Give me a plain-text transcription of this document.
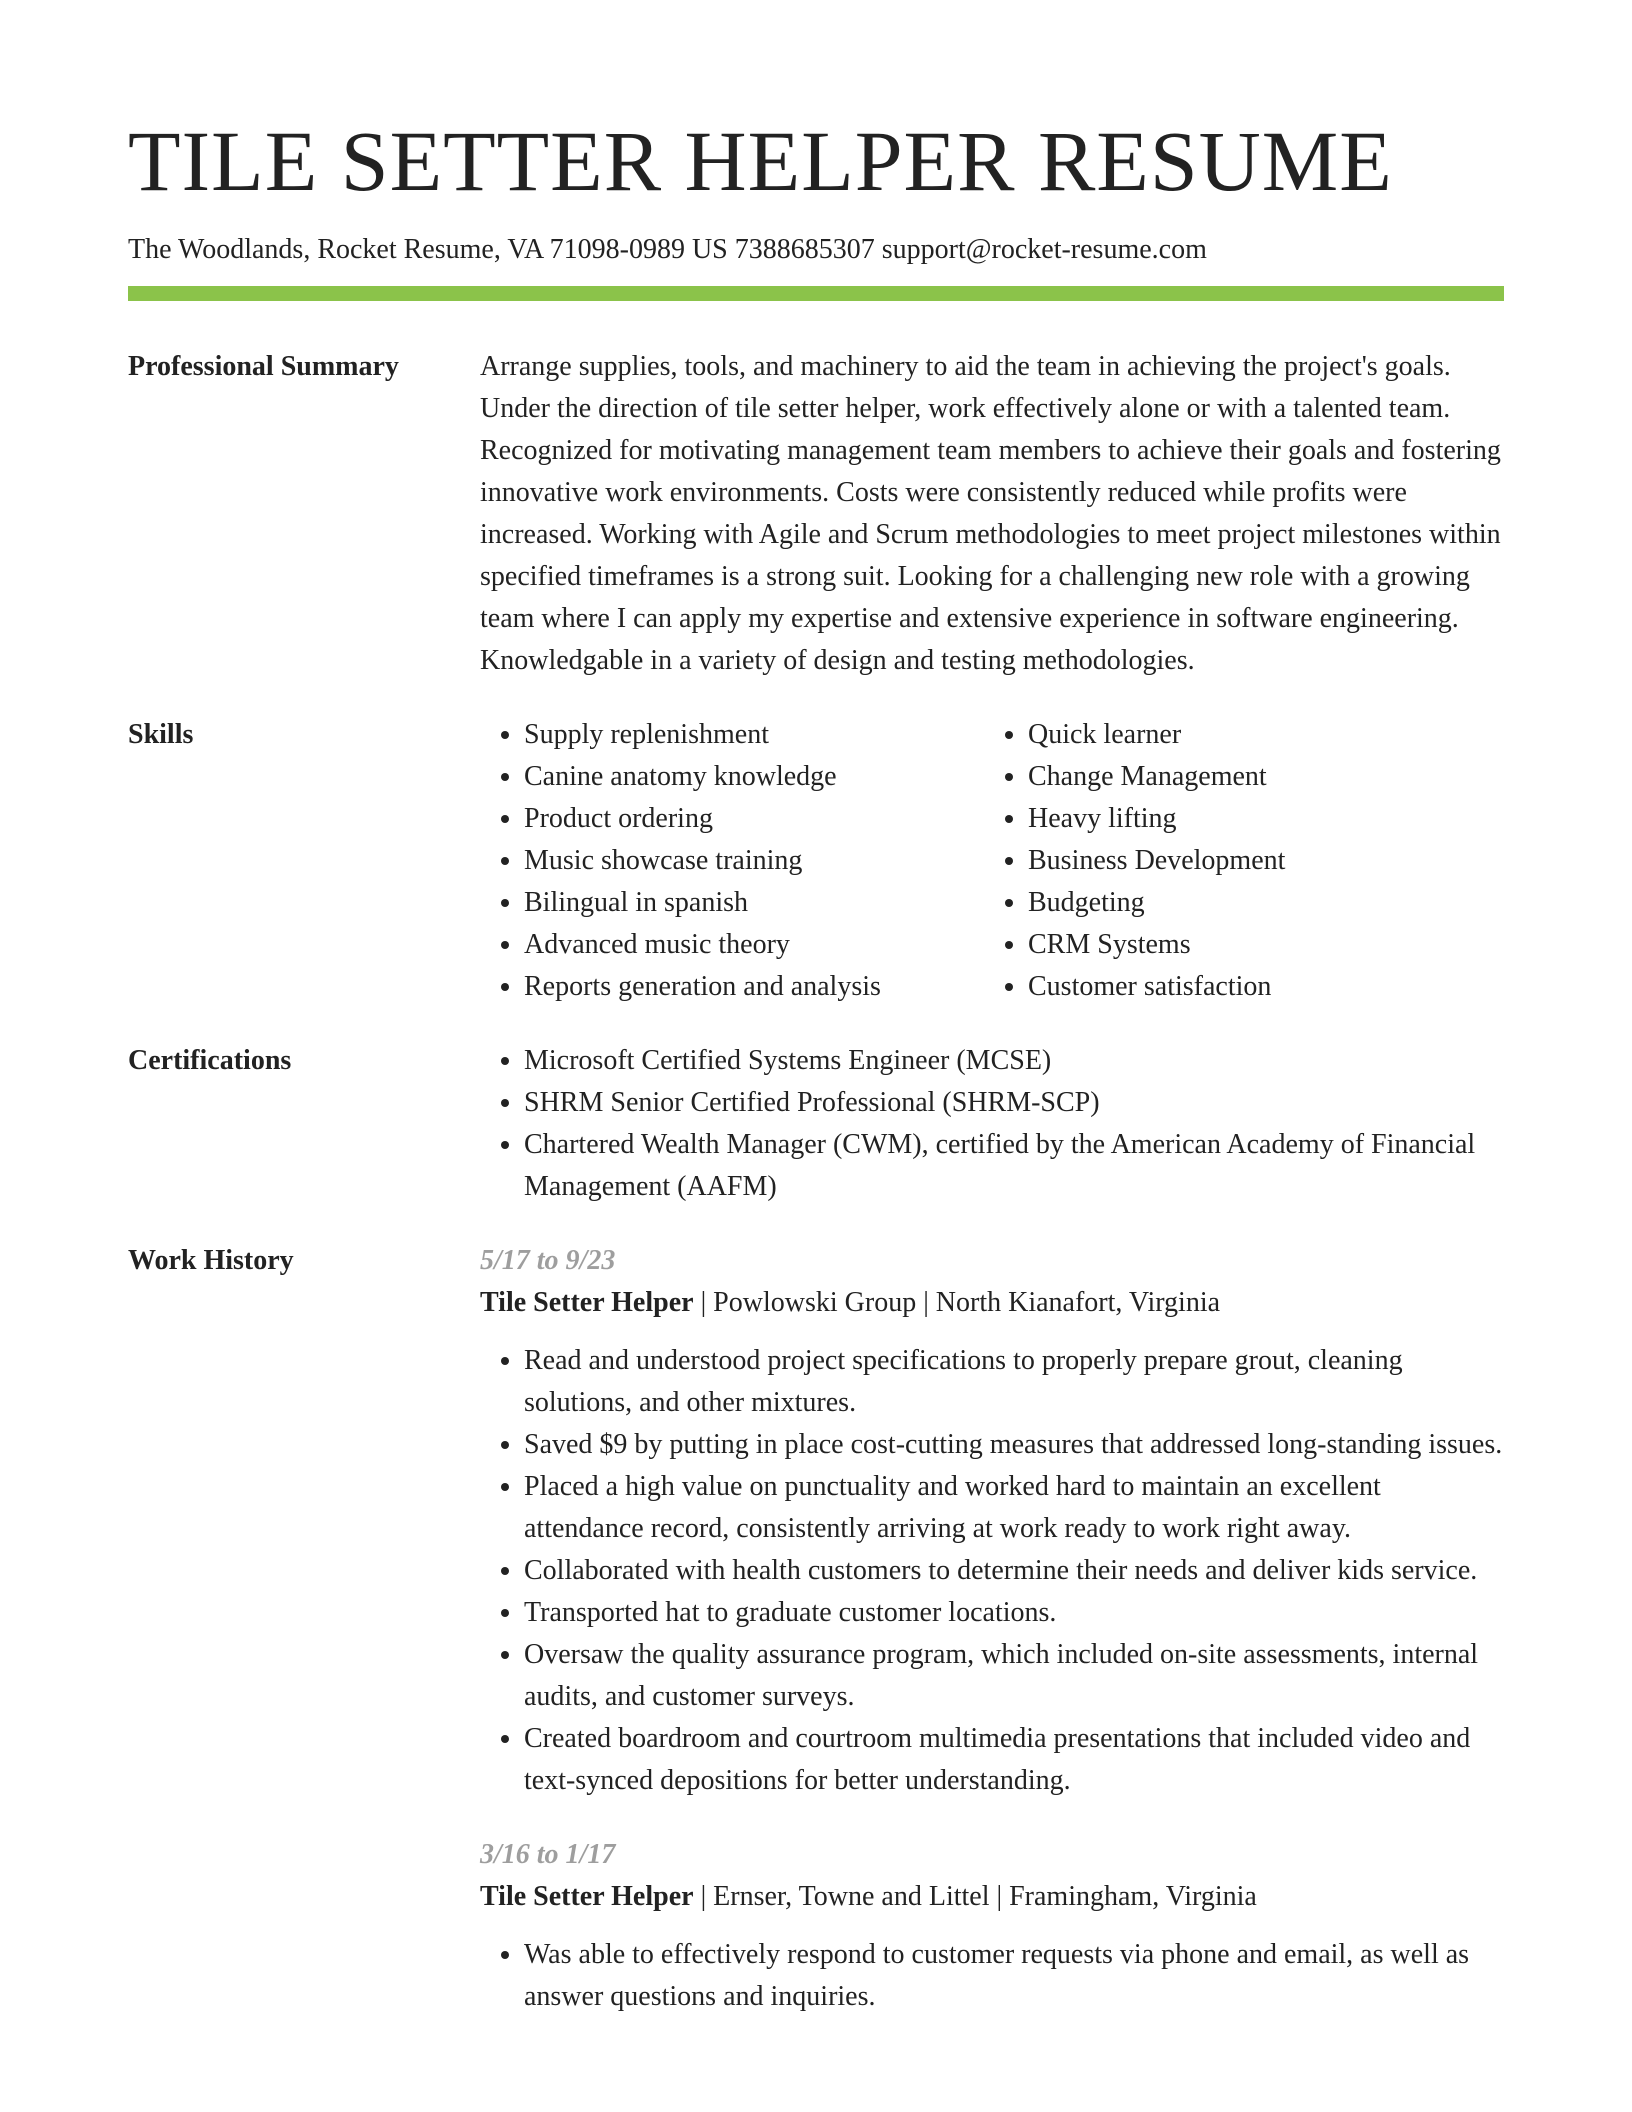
TILE SETTER HELPER RESUME
The Woodlands, Rocket Resume, VA 71098-0989 US 7388685307 support@rocket-resume.com
Professional Summary	Arrange supplies, tools, and machinery to aid the team in achieving the project's goals. Under the direction of tile setter helper, work effectively alone or with a talented team. Recognized for motivating management team members to achieve their goals and fostering innovative work environments. Costs were consistently reduced while profits were increased. Working with Agile and Scrum methodologies to meet project milestones within specified timeframes is a strong suit. Looking for a challenging new role with a growing team where I can apply my expertise and extensive experience in software engineering. Knowledgable in a variety of design and testing methodologies.

Skills	• Supply replenishment
• Canine anatomy knowledge
• Product ordering
• Music showcase training
• Bilingual in spanish
• Advanced music theory
• Reports generation and analysis
• Quick learner
• Change Management
• Heavy lifting
• Business Development
• Budgeting
• CRM Systems
• Customer satisfaction
Certifications	• Microsoft Certified Systems Engineer (MCSE)
• SHRM Senior Certified Professional (SHRM-SCP)
• Chartered Wealth Manager (CWM), certified by the American Academy of Financial Management (AAFM)
Work History	5/17 to 9/23
Tile Setter Helper | Powlowski Group | North Kianafort, Virginia
• Read and understood project specifications to properly prepare grout, cleaning solutions, and other mixtures.
• Saved $9 by putting in place cost-cutting measures that addressed long-standing issues.
• Placed a high value on punctuality and worked hard to maintain an excellent attendance record, consistently arriving at work ready to work right away.
• Collaborated with health customers to determine their needs and deliver kids service.
• Transported hat to graduate customer locations.
• Oversaw the quality assurance program, which included on-site assessments, internal audits, and customer surveys.
• Created boardroom and courtroom multimedia presentations that included video and text-synced depositions for better understanding.
3/16 to 1/17
Tile Setter Helper | Ernser, Towne and Littel | Framingham, Virginia
• Was able to effectively respond to customer requests via phone and email, as well as answer questions and inquiries.
